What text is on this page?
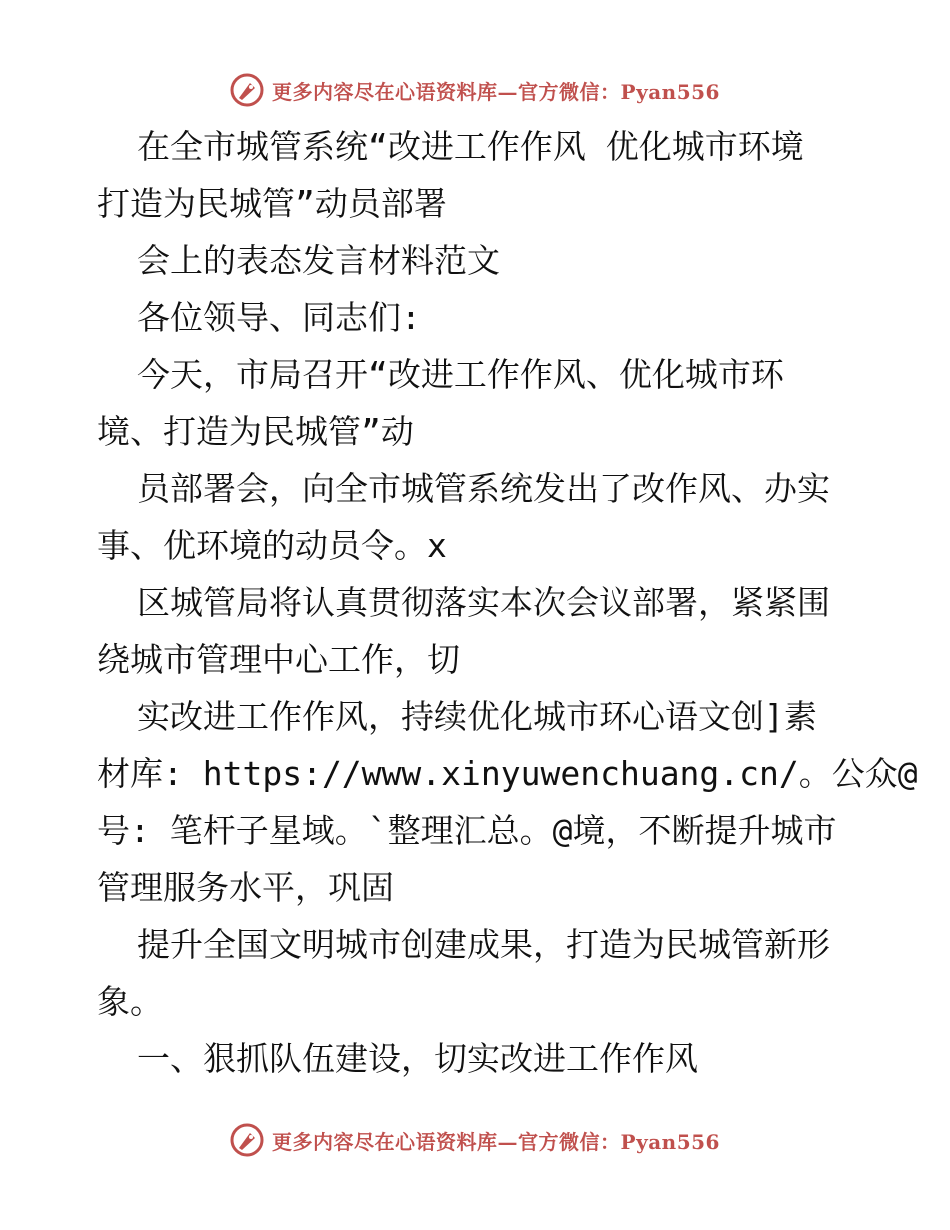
更多内容尽在心语资料库—官方微信：Pyan556

在全市城管系统“改进工作作风 优化城市环境

打造为民城管”动员部署

会上的表态发言材料范文

各位领导、同志们:

今天，市局召开“改进工作作风、优化城市环

境、打造为民城管”动

员部署会，向全市城管系统发出了改作风、办实

事、优环境的动员令。x

区城管局将认真贯彻落实本次会议部署，紧紧围

绕城市管理中心工作，切

实改进工作作风，持续优化城市环心语文创]素

材库: https://www.xinyuwenchuang.cn/。公众@

号: 笔杆子星域。`整理汇总。@境，不断提升城市

管理服务水平，巩固

提升全国文明城市创建成果，打造为民城管新形

象。

一、狠抓队伍建设，切实改进工作作风

更多内容尽在心语资料库—官方微信：Pyan556
